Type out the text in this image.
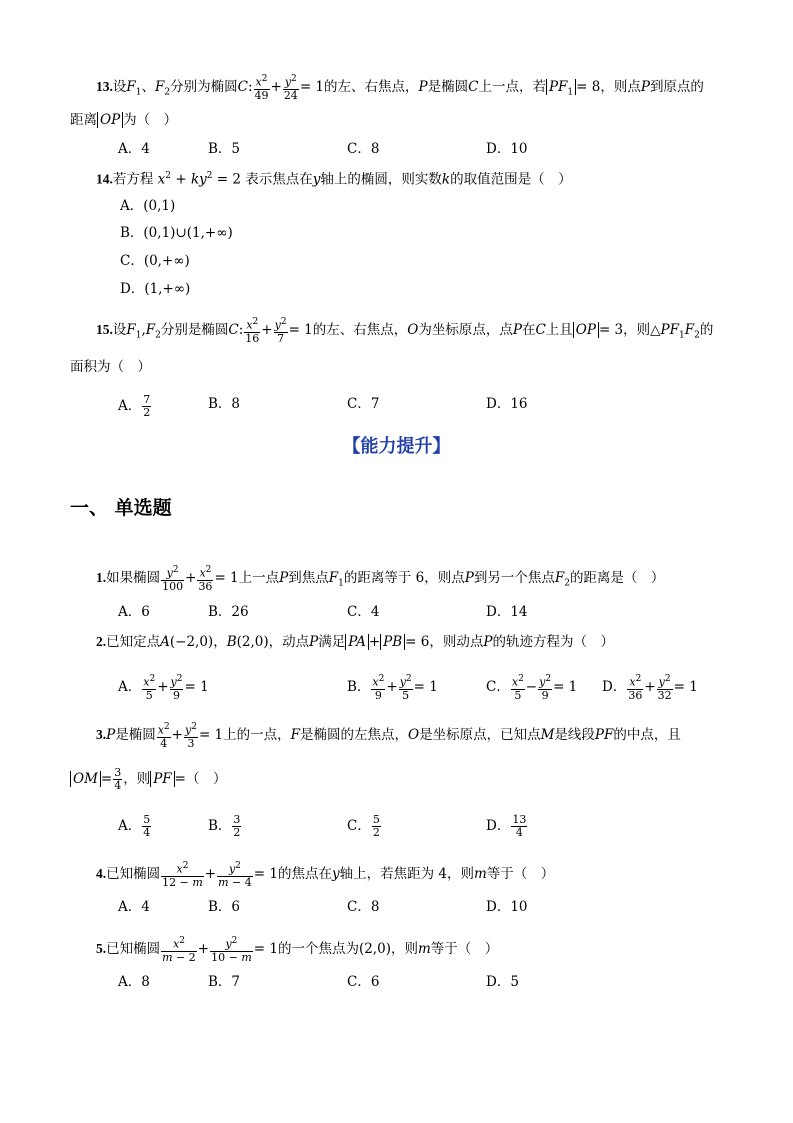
13.设$F_1$、$F_2$分别为椭圆C: $\frac{x^2}{49} + \frac{y^2}{24} = 1$的左、右焦点，P是椭圆C上一点，若 $PF_1 = 8$，则点P到原点的
距离 OP 为（　）
A．4	B．5	C．8	D．10
14.若方程 $x^2 + ky^2 = 2$ 表示焦点在y轴上的椭圆，则实数k的取值范围是（　）
A．(0,1)
B．(0,1)∪(1,+∞)
C．(0,+∞)
D．(1,+∞)
15.设$F_1,F_2$分别是椭圆C: $\frac{x^2}{16} + \frac{y^2}{7} = 1$的左、右焦点，O为坐标原点，点P在C上且 OP = 3，则$\triangle PF_1F_2$的
面积为（　）
A． $\frac{7}{2}$	B．8	C．7	D．16
【能力提升】
一、 单选题
1.如果椭圆 $\frac{y^2}{100} + \frac{x^2}{36} = 1$上一点P到焦点$F_1$的距离等于 6，则点P到另一个焦点$F_2$的距离是（　）
A．6	B．26	C．4	D．14
2.已知定点A(−2,0)，B(2,0)，动点P满足 PA + PB = 6，则动点P的轨迹方程为（　）
A． $\frac{x^2}{5} + \frac{y^2}{9} = 1$	B． $\frac{x^2}{9} + \frac{y^2}{5} = 1$	C． $\frac{x^2}{5} - \frac{y^2}{9} = 1$ D． $\frac{x^2}{36} + \frac{y^2}{32} = 1$
3.P是椭圆 $\frac{x^2}{4} + \frac{y^2}{3} = 1$上的一点，F是椭圆的左焦点，O是坐标原点，已知点M是线段PF的中点，且
OM = $\frac{3}{4}$ ，则 PF =（　）
A． $\frac{5}{4}$	B． $\frac{3}{2}$	C． $\frac{5}{2}$	D． $\frac{13}{4}$
4.已知椭圆 $\frac{x^2}{12 - m} + \frac{y^2}{m - 4} = 1$的焦点在y轴上，若焦距为 4，则m等于（　）
A．4	B．6	C．8	D．10
5.已知椭圆 $\frac{x^2}{m - 2} + \frac{y^2}{10 - m} = 1$的一个焦点为(2,0)，则m等于（　）
A．8	B．7	C．6	D．5
